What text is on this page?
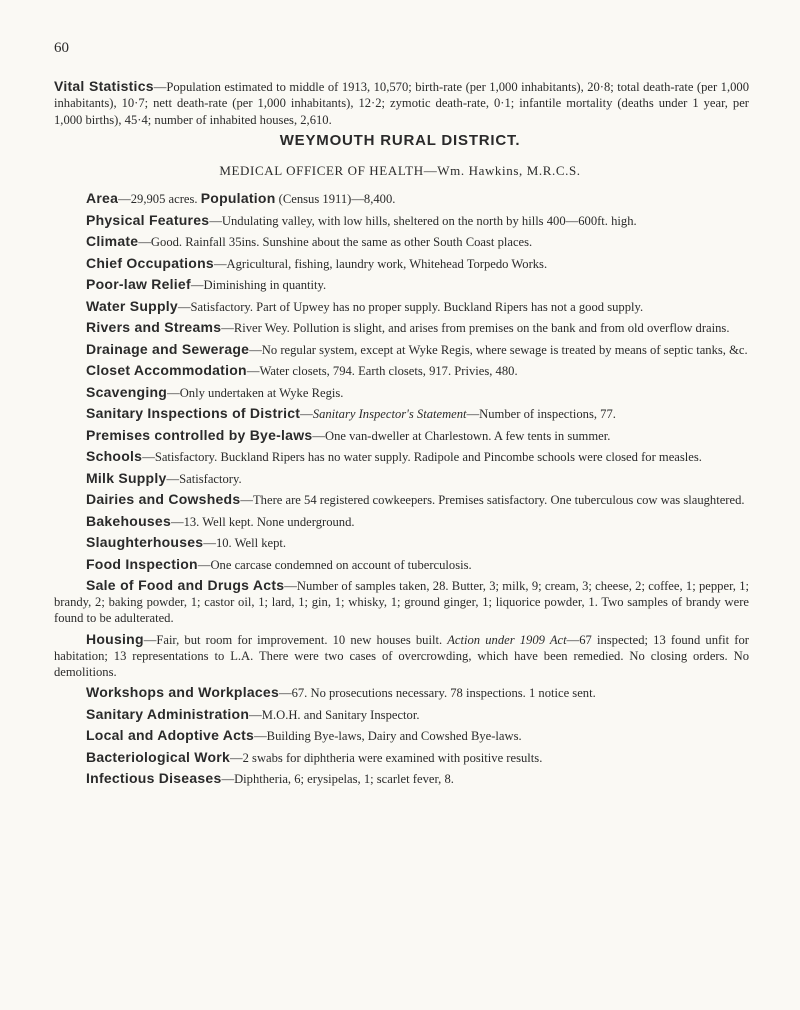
60

Vital Statistics—Population estimated to middle of 1913, 10,570; birth-rate (per 1,000 inhabitants), 20·8; total death-rate (per 1,000 inhabitants), 10·7; nett death-rate (per 1,000 inhabitants), 12·2; zymotic death-rate, 0·1; infantile mortality (deaths under 1 year, per 1,000 births), 45·4; number of inhabited houses, 2,610.

WEYMOUTH RURAL DISTRICT.
MEDICAL OFFICER OF HEALTH—Wm. Hawkins, M.R.C.S.

Area—29,905 acres. Population (Census 1911)—8,400.

Physical Features—Undulating valley, with low hills, sheltered on the north by hills 400—600ft. high.

Climate—Good. Rainfall 35ins. Sunshine about the same as other South Coast places.

Chief Occupations—Agricultural, fishing, laundry work, Whitehead Torpedo Works.

Poor-law Relief—Diminishing in quantity.

Water Supply—Satisfactory. Part of Upwey has no proper supply. Buckland Ripers has not a good supply.

Rivers and Streams—River Wey. Pollution is slight, and arises from premises on the bank and from old overflow drains.

Drainage and Sewerage—No regular system, except at Wyke Regis, where sewage is treated by means of septic tanks, &c.

Closet Accommodation—Water closets, 794. Earth closets, 917. Privies, 480.

Scavenging—Only undertaken at Wyke Regis.

Sanitary Inspections of District—Sanitary Inspector's Statement—Number of inspections, 77.

Premises controlled by Bye-laws—One van-dweller at Charlestown. A few tents in summer.

Schools—Satisfactory. Buckland Ripers has no water supply. Radipole and Pincombe schools were closed for measles.

Milk Supply—Satisfactory.

Dairies and Cowsheds—There are 54 registered cowkeepers. Premises satisfactory. One tuberculous cow was slaughtered.

Bakehouses—13. Well kept. None underground.

Slaughterhouses—10. Well kept.

Food Inspection—One carcase condemned on account of tuberculosis.

Sale of Food and Drugs Acts—Number of samples taken, 28. Butter, 3; milk, 9; cream, 3; cheese, 2; coffee, 1; pepper, 1; brandy, 2; baking powder, 1; castor oil, 1; lard, 1; gin, 1; whisky, 1; ground ginger, 1; liquorice powder, 1. Two samples of brandy were found to be adulterated.

Housing—Fair, but room for improvement. 10 new houses built. Action under 1909 Act—67 inspected; 13 found unfit for habitation; 13 representations to L.A. There were two cases of overcrowding, which have been remedied. No closing orders. No demolitions.

Workshops and Workplaces—67. No prosecutions necessary. 78 inspections. 1 notice sent.

Sanitary Administration—M.O.H. and Sanitary Inspector.

Local and Adoptive Acts—Building Bye-laws, Dairy and Cowshed Bye-laws.

Bacteriological Work—2 swabs for diphtheria were examined with positive results.

Infectious Diseases—Diphtheria, 6; erysipelas, 1; scarlet fever, 8.
